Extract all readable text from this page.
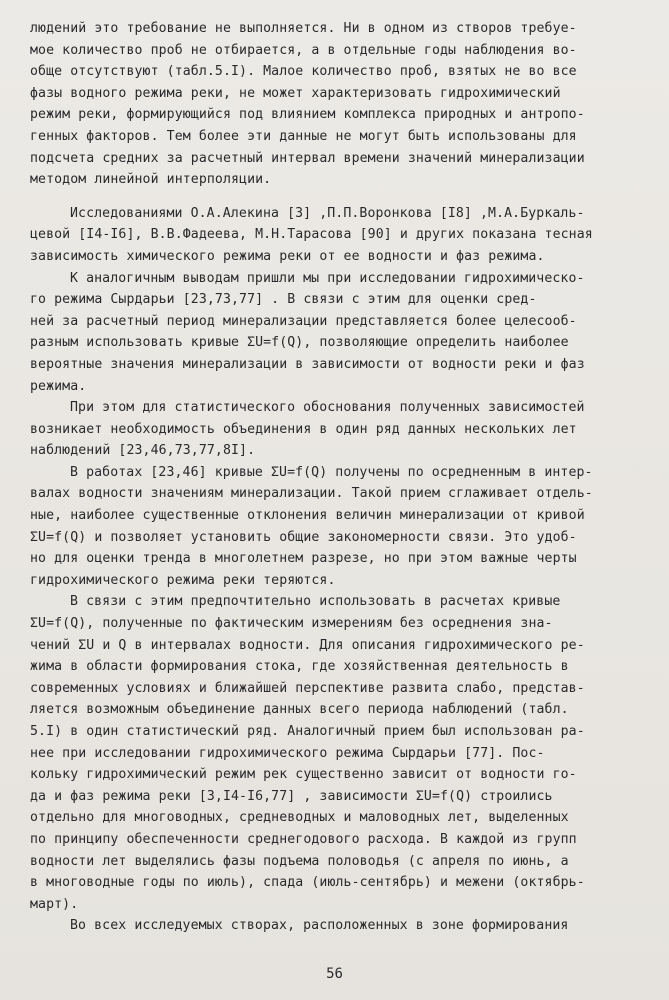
людений это требование не выполняется. Ни в одном из створов требуе-
мое количество проб не отбирается, а в отдельные годы наблюдения во-
обще отсутствуют (табл.5.I). Малое количество проб, взятых не во все
фазы водного режима реки, не может характеризовать гидрохимический
режим реки, формирующийся под влиянием комплекса природных и антропо-
генных факторов. Тем более эти данные не могут быть использованы для
подсчета средних за расчетный интервал времени значений минерализации
методом линейной интерполяции.
Исследованиями О.А.Алекина [3] ,П.П.Воронкова [I8] ,М.А.Буркаль-
цевой [I4-I6], В.В.Фадеева, М.Н.Тарасова [90] и других показана тесная
зависимость химического режима реки от ее водности и фаз режима.
К аналогичным выводам пришли мы при исследовании гидрохимическо-
го режима Сырдарьи [23,73,77] . В связи с этим для оценки сред-
ней за расчетный период минерализации представляется более целесооб-
разным использовать кривые ΣU=f(Q), позволяющие определить наиболее
вероятные значения минерализации в зависимости от водности реки и фаз
режима.
При этом для статистического обоснования полученных зависимостей
возникает необходимость объединения в один ряд данных нескольких лет
наблюдений [23,46,73,77,8I].
В работах [23,46] кривые ΣU=f(Q) получены по осредненным в интер-
валах водности значениям минерализации. Такой прием сглаживает отдель-
ные, наиболее существенные отклонения величин минерализации от кривой
ΣU=f(Q) и позволяет установить общие закономерности связи. Это удоб-
но для оценки тренда в многолетнем разрезе, но при этом важные черты
гидрохимического режима реки теряются.
В связи с этим предпочтительно использовать в расчетах кривые
ΣU=f(Q), полученные по фактическим измерениям без осреднения зна-
чений ΣU и Q в интервалах водности. Для описания гидрохимического ре-
жима в области формирования стока, где хозяйственная деятельность в
современных условиях и ближайшей перспективе развита слабо, представ-
ляется возможным объединение данных всего периода наблюдений (табл.
5.I) в один статистический ряд. Аналогичный прием был использован ра-
нее при исследовании гидрохимического режима Сырдарьи [77]. Пос-
кольку гидрохимический режим рек существенно зависит от водности го-
да и фаз режима реки [3,I4-I6,77] , зависимости ΣU=f(Q) строились
отдельно для многоводных, средневодных и маловодных лет, выделенных
по принципу обеспеченности среднегодового расхода. В каждой из групп
водности лет выделялись фазы подъема половодья (с апреля по июнь, а
в многоводные годы по июль), спада (июль-сентябрь) и межени (октябрь-
март).
Во всех исследуемых створах, расположенных в зоне формирования
56
